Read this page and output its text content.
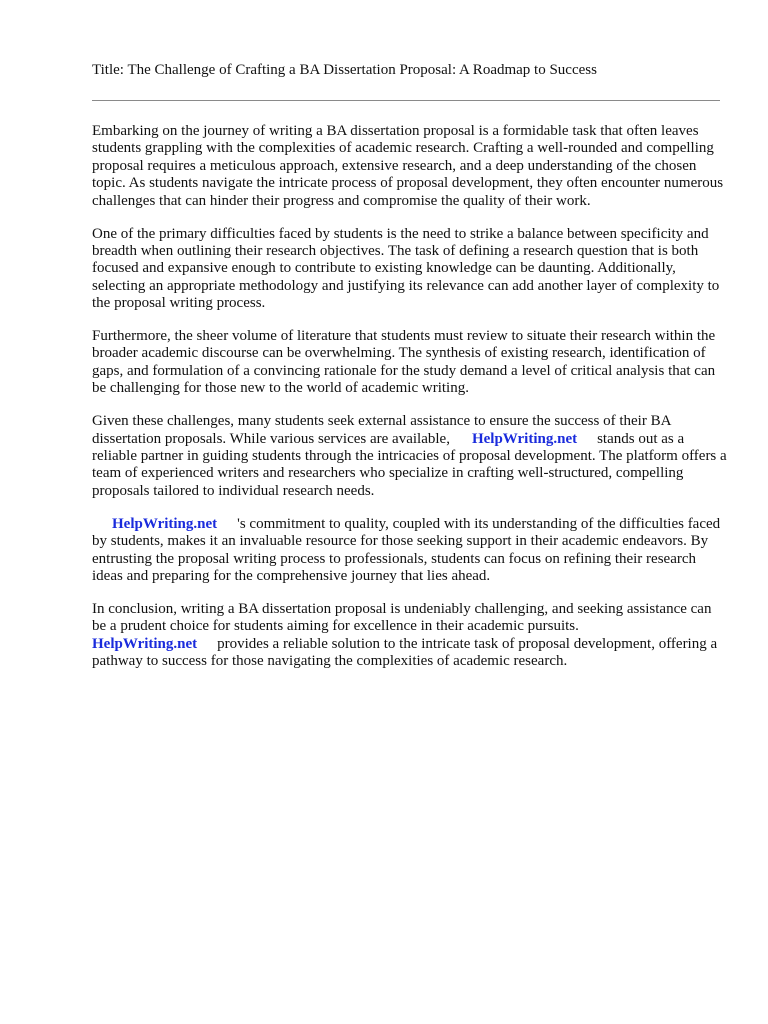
Title: The Challenge of Crafting a BA Dissertation Proposal: A Roadmap to Success

Embarking on the journey of writing a BA dissertation proposal is a formidable task that often leaves students grappling with the complexities of academic research. Crafting a well-rounded and compelling proposal requires a meticulous approach, extensive research, and a deep understanding of the chosen topic. As students navigate the intricate process of proposal development, they often encounter numerous challenges that can hinder their progress and compromise the quality of their work.

One of the primary difficulties faced by students is the need to strike a balance between specificity and breadth when outlining their research objectives. The task of defining a research question that is both focused and expansive enough to contribute to existing knowledge can be daunting. Additionally, selecting an appropriate methodology and justifying its relevance can add another layer of complexity to the proposal writing process.

Furthermore, the sheer volume of literature that students must review to situate their research within the broader academic discourse can be overwhelming. The synthesis of existing research, identification of gaps, and formulation of a convincing rationale for the study demand a level of critical analysis that can be challenging for those new to the world of academic writing.

Given these challenges, many students seek external assistance to ensure the success of their BA dissertation proposals. While various services are available, HelpWriting.net stands out as a reliable partner in guiding students through the intricacies of proposal development. The platform offers a team of experienced writers and researchers who specialize in crafting well-structured, compelling proposals tailored to individual research needs.

HelpWriting.net 's commitment to quality, coupled with its understanding of the difficulties faced by students, makes it an invaluable resource for those seeking support in their academic endeavors. By entrusting the proposal writing process to professionals, students can focus on refining their research ideas and preparing for the comprehensive journey that lies ahead.

In conclusion, writing a BA dissertation proposal is undeniably challenging, and seeking assistance can be a prudent choice for students aiming for excellence in their academic pursuits.
HelpWriting.net provides a reliable solution to the intricate task of proposal development, offering a pathway to success for those navigating the complexities of academic research.
